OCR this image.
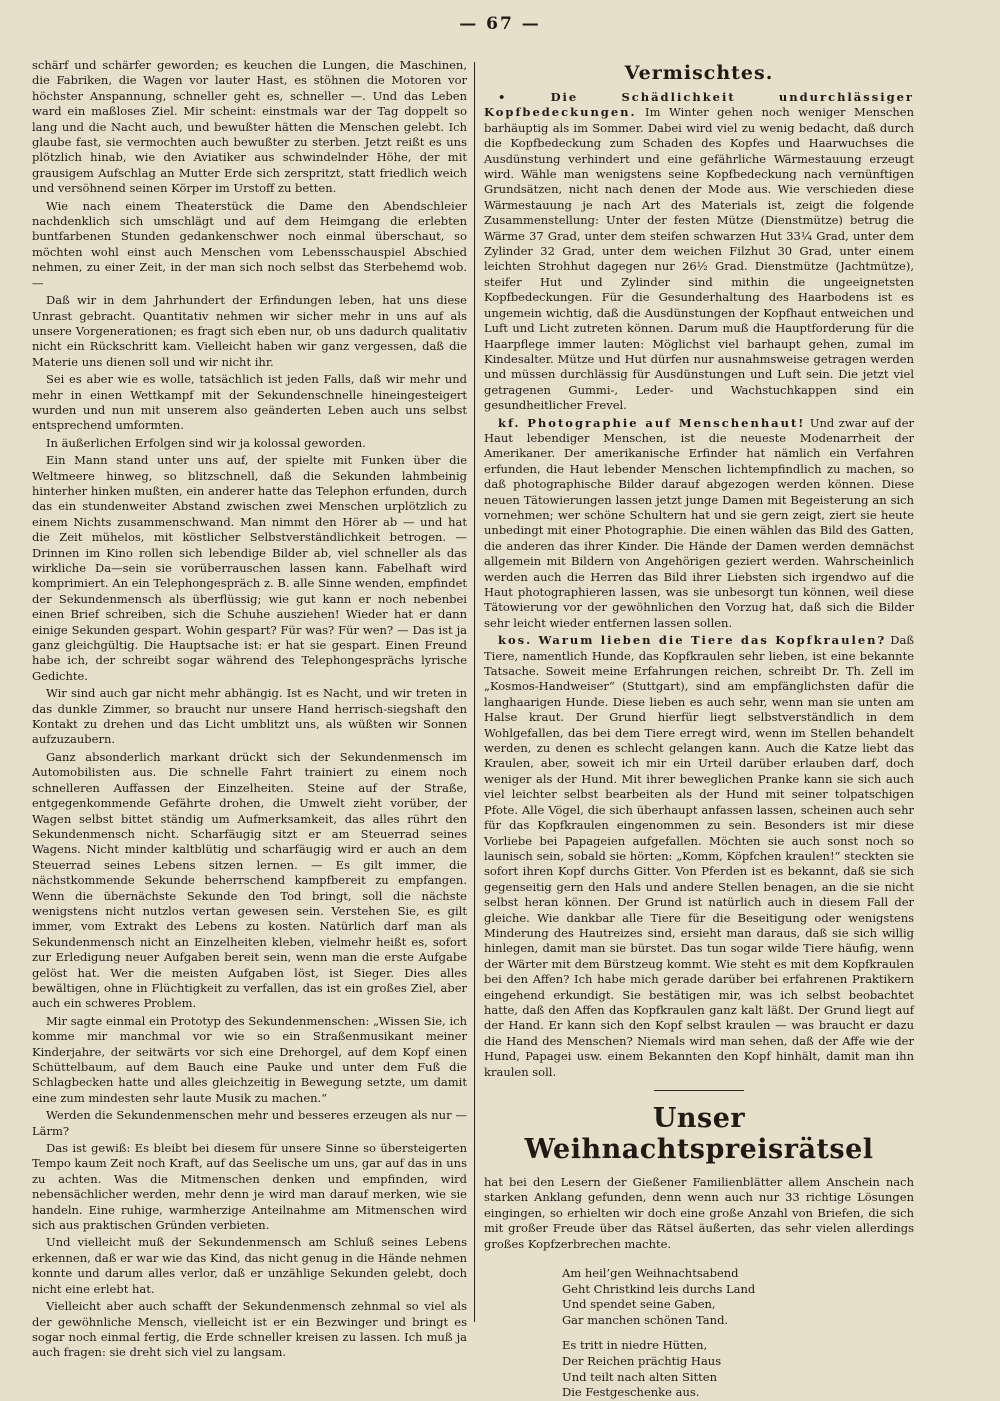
— 67 —

schärf und schärfer geworden; es keuchen die Lungen, die Maschinen, die Fabriken, die Wagen vor lauter Hast, es stöhnen die Motoren vor höchster Anspannung, schneller geht es, schneller —. Und das Leben ward ein maßloses Ziel. Mir scheint: einstmals war der Tag doppelt so lang und die Nacht auch, und bewußter hätten die Menschen gelebt. Ich glaube fast, sie vermochten auch bewußter zu sterben. Jetzt reißt es uns plötzlich hinab, wie den Aviatiker aus schwindelnder Höhe, der mit grausigem Aufschlag an Mutter Erde sich zerspritzt, statt friedlich weich und versöhnend seinen Körper im Urstoff zu betten.

Wie nach einem Theaterstück die Dame den Abendschleier nachdenklich sich umschlägt und auf dem Heimgang die erlebten buntfarbenen Stunden gedankenschwer noch einmal überschaut, so möchten wohl einst auch Menschen vom Lebensschauspiel Abschied nehmen, zu einer Zeit, in der man sich noch selbst das Sterbehemd wob. —

Daß wir in dem Jahrhundert der Erfindungen leben, hat uns diese Unrast gebracht. Quantitativ nehmen wir sicher mehr in uns auf als unsere Vorgenerationen; es fragt sich eben nur, ob uns dadurch qualitativ nicht ein Rückschritt kam. Vielleicht haben wir ganz vergessen, daß die Materie uns dienen soll und wir nicht ihr.

Sei es aber wie es wolle, tatsächlich ist jeden Falls, daß wir mehr und mehr in einen Wettkampf mit der Sekundenschnelle hineingesteigert wurden und nun mit unserem also geänderten Leben auch uns selbst entsprechend umformten.

In äußerlichen Erfolgen sind wir ja kolossal geworden.

Ein Mann stand unter uns auf, der spielte mit Funken über die Weltmeere hinweg, so blitzschnell, daß die Sekunden lahmbeinig hinterher hinken mußten, ein anderer hatte das Telephon erfunden, durch das ein stundenweiter Abstand zwischen zwei Menschen urplötzlich zu einem Nichts zusammenschwand. Man nimmt den Hörer ab — und hat die Zeit mühelos, mit köstlicher Selbstverständlichkeit betrogen. — Drinnen im Kino rollen sich lebendige Bilder ab, viel schneller als das wirkliche Da—sein sie vorüberrauschen lassen kann. Fabelhaft wird komprimiert. An ein Telephongespräch z. B. alle Sinne wenden, empfindet der Sekundenmensch als überflüssig; wie gut kann er noch nebenbei einen Brief schreiben, sich die Schuhe ausziehen! Wieder hat er dann einige Sekunden gespart. Wohin gespart? Für was? Für wen? — Das ist ja ganz gleichgültig. Die Hauptsache ist: er hat sie gespart. Einen Freund habe ich, der schreibt sogar während des Telephongesprächs lyrische Gedichte.

Wir sind auch gar nicht mehr abhängig. Ist es Nacht, und wir treten in das dunkle Zimmer, so braucht nur unsere Hand herrisch-siegshaft den Kontakt zu drehen und das Licht umblitzt uns, als wüßten wir Sonnen aufzuzaubern.

Ganz absonderlich markant drückt sich der Sekundenmensch im Automobilisten aus. Die schnelle Fahrt trainiert zu einem noch schnelleren Auffassen der Einzelheiten. Steine auf der Straße, entgegenkommende Gefährte drohen, die Umwelt zieht vorüber, der Wagen selbst bittet ständig um Aufmerksamkeit, das alles rührt den Sekundenmensch nicht. Scharfäugig sitzt er am Steuerrad seines Wagens. Nicht minder kaltblütig und scharfäugig wird er auch an dem Steuerrad seines Lebens sitzen lernen. — Es gilt immer, die nächstkommende Sekunde beherrschend kampfbereit zu empfangen. Wenn die übernächste Sekunde den Tod bringt, soll die nächste wenigstens nicht nutzlos vertan gewesen sein. Verstehen Sie, es gilt immer, vom Extrakt des Lebens zu kosten. Natürlich darf man als Sekundenmensch nicht an Einzelheiten kleben, vielmehr heißt es, sofort zur Erledigung neuer Aufgaben bereit sein, wenn man die erste Aufgabe gelöst hat. Wer die meisten Aufgaben löst, ist Sieger. Dies alles bewältigen, ohne in Flüchtigkeit zu verfallen, das ist ein großes Ziel, aber auch ein schweres Problem.

Mir sagte einmal ein Prototyp des Sekundenmenschen: „Wissen Sie, ich komme mir manchmal vor wie so ein Straßenmusikant meiner Kinderjahre, der seitwärts vor sich eine Drehorgel, auf dem Kopf einen Schüttelbaum, auf dem Bauch eine Pauke und unter dem Fuß die Schlagbecken hatte und alles gleichzeitig in Bewegung setzte, um damit eine zum mindesten sehr laute Musik zu machen.“

Werden die Sekundenmenschen mehr und besseres erzeugen als nur — Lärm?

Das ist gewiß: Es bleibt bei diesem für unsere Sinne so übersteigerten Tempo kaum Zeit noch Kraft, auf das Seelische um uns, gar auf das in uns zu achten. Was die Mitmenschen denken und empfinden, wird nebensächlicher werden, mehr denn je wird man darauf merken, wie sie handeln. Eine ruhige, warmherzige Anteilnahme am Mitmenschen wird sich aus praktischen Gründen verbieten.

Und vielleicht muß der Sekundenmensch am Schluß seines Lebens erkennen, daß er war wie das Kind, das nicht genug in die Hände nehmen konnte und darum alles verlor, daß er unzählige Sekunden gelebt, doch nicht eine erlebt hat.

Vielleicht aber auch schafft der Sekundenmensch zehnmal so viel als der gewöhnliche Mensch, vielleicht ist er ein Bezwinger und bringt es sogar noch einmal fertig, die Erde schneller kreisen zu lassen. Ich muß ja auch fragen: sie dreht sich viel zu langsam.

Vermischtes.

• Die Schädlichkeit undurchlässiger Kopfbedeckungen. Im Winter gehen noch weniger Menschen barhäuptig als im Sommer. Dabei wird viel zu wenig bedacht, daß durch die Kopfbedeckung zum Schaden des Kopfes und Haarwuchses die Ausdünstung verhindert und eine gefährliche Wärmestauung erzeugt wird. Wähle man wenigstens seine Kopfbedeckung nach vernünftigen Grundsätzen, nicht nach denen der Mode aus. Wie verschieden diese Wärmestauung je nach Art des Materials ist, zeigt die folgende Zusammenstellung: Unter der festen Mütze (Dienstmütze) betrug die Wärme 37 Grad, unter dem steifen schwarzen Hut 33¼ Grad, unter dem Zylinder 32 Grad, unter dem weichen Filzhut 30 Grad, unter einem leichten Strohhut dagegen nur 26½ Grad. Dienstmütze (Jachtmütze), steifer Hut und Zylinder sind mithin die ungeeignetsten Kopfbedeckungen. Für die Gesunderhaltung des Haarbodens ist es ungemein wichtig, daß die Ausdünstungen der Kopfhaut entweichen und Luft und Licht zutreten können. Darum muß die Hauptforderung für die Haarpflege immer lauten: Möglichst viel barhaupt gehen, zumal im Kindesalter. Mütze und Hut dürfen nur ausnahmsweise getragen werden und müssen durchlässig für Ausdünstungen und Luft sein. Die jetzt viel getragenen Gummi-, Leder- und Wachstuchkappen sind ein gesundheitlicher Frevel.

kf. Photographie auf Menschenhaut! Und zwar auf der Haut lebendiger Menschen, ist die neueste Modenarrheit der Amerikaner. Der amerikanische Erfinder hat nämlich ein Verfahren erfunden, die Haut lebender Menschen lichtempfindlich zu machen, so daß photographische Bilder darauf abgezogen werden können. Diese neuen Tätowierungen lassen jetzt junge Damen mit Begeisterung an sich vornehmen; wer schöne Schultern hat und sie gern zeigt, ziert sie heute unbedingt mit einer Photographie. Die einen wählen das Bild des Gatten, die anderen das ihrer Kinder. Die Hände der Damen werden demnächst allgemein mit Bildern von Angehörigen geziert werden. Wahrscheinlich werden auch die Herren das Bild ihrer Liebsten sich irgendwo auf die Haut photographieren lassen, was sie unbesorgt tun können, weil diese Tätowierung vor der gewöhnlichen den Vorzug hat, daß sich die Bilder sehr leicht wieder entfernen lassen sollen.

kos. Warum lieben die Tiere das Kopfkraulen? Daß Tiere, namentlich Hunde, das Kopfkraulen sehr lieben, ist eine bekannte Tatsache. Soweit meine Erfahrungen reichen, schreibt Dr. Th. Zell im „Kosmos-Handweiser“ (Stuttgart), sind am empfänglichsten dafür die langhaarigen Hunde. Diese lieben es auch sehr, wenn man sie unten am Halse kraut. Der Grund hierfür liegt selbstverständlich in dem Wohlgefallen, das bei dem Tiere erregt wird, wenn im Stellen behandelt werden, zu denen es schlecht gelangen kann. Auch die Katze liebt das Kraulen, aber, soweit ich mir ein Urteil darüber erlauben darf, doch weniger als der Hund. Mit ihrer beweglichen Pranke kann sie sich auch viel leichter selbst bearbeiten als der Hund mit seiner tolpatschigen Pfote. Alle Vögel, die sich überhaupt anfassen lassen, scheinen auch sehr für das Kopfkraulen eingenommen zu sein. Besonders ist mir diese Vorliebe bei Papageien aufgefallen. Möchten sie auch sonst noch so launisch sein, sobald sie hörten: „Komm, Köpfchen kraulen!“ steckten sie sofort ihren Kopf durchs Gitter. Von Pferden ist es bekannt, daß sie sich gegenseitig gern den Hals und andere Stellen benagen, an die sie nicht selbst heran können. Der Grund ist natürlich auch in diesem Fall der gleiche. Wie dankbar alle Tiere für die Beseitigung oder wenigstens Minderung des Hautreizes sind, ersieht man daraus, daß sie sich willig hinlegen, damit man sie bürstet. Das tun sogar wilde Tiere häufig, wenn der Wärter mit dem Bürstzeug kommt. Wie steht es mit dem Kopfkraulen bei den Affen? Ich habe mich gerade darüber bei erfahrenen Praktikern eingehend erkundigt. Sie bestätigen mir, was ich selbst beobachtet hatte, daß den Affen das Kopfkraulen ganz kalt läßt. Der Grund liegt auf der Hand. Er kann sich den Kopf selbst kraulen — was braucht er dazu die Hand des Menschen? Niemals wird man sehen, daß der Affe wie der Hund, Papagei usw. einem Bekannten den Kopf hinhält, damit man ihn kraulen soll.

Unser Weihnachtspreisrätsel

hat bei den Lesern der Gießener Familienblätter allem Anschein nach starken Anklang gefunden, denn wenn auch nur 33 richtige Lösungen eingingen, so erhielten wir doch eine große Anzahl von Briefen, die sich mit großer Freude über das Rätsel äußerten, das sehr vielen allerdings großes Kopfzerbrechen machte.

Am heil’gen Weihnachtsabend
Geht Christkind leis durchs Land
Und spendet seine Gaben,
Gar manchen schönen Tand.
Es tritt in niedre Hütten,
Der Reichen prächtig Haus
Und teilt nach alten Sitten
Die Festgeschenke aus.
